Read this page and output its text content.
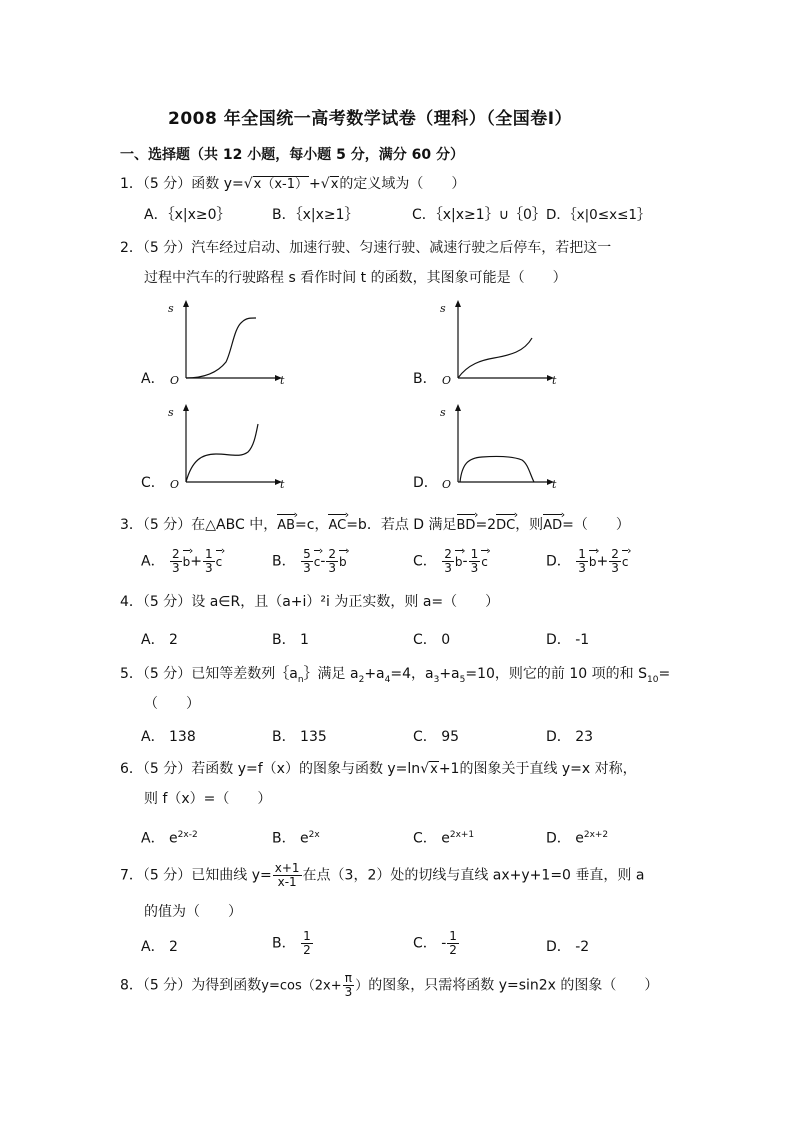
2008 年全国统一高考数学试卷（理科）（全国卷Ⅰ）
一、选择题（共 12 小题，每小题 5 分，满分 60 分）
1．（5 分）函数 y=√x（x-1）+√x的定义域为（　　）
A．｛x|x≥0｝	B．｛x|x≥1｝	C．｛x|x≥1｝∪｛0｝ D．｛x|0≤x≤1｝
2．（5 分）汽车经过启动、加速行驶、匀速行驶、减速行驶之后停车，若把这一
过程中汽车的行驶路程 s 看作时间 t 的函数，其图象可能是（　　）
A．
s
O	t	B．
s
O	t
C．
s
O	t	D．
s
O	t
3．（5 分）在△ABC 中，AB ›=c，AC ›=b．若点 D 满足BD ›=2DC ›，则AD ›=（　　）
A． $\frac{2}{3}$ b ›+ $\frac{1}{3}$ c ›	B． $\frac{5}{3}$ c ›- $\frac{2}{3}$ b ›	C． $\frac{2}{3}$ b ›- $\frac{1}{3}$ c ›	D． $\frac{1}{3}$ b ›+ $\frac{2}{3}$ c ›
4．（5 分）设 a∈R，且（a+i）²i 为正实数，则 a=（　　）
A． 2	B． 1	C． 0	D． -1
5．（5 分）已知等差数列$\{a_n\}$满足 $a_2+a_4=4$，$a_3+a_5=10$，则它的前 10 项的和 $S_{10}=$
（　　）
A． 138	B． 135	C． 95	D． 23
6．（5 分）若函数 y=f（x）的图象与函数 y=ln√x+1的图象关于直线 y=x 对称，
则 f（x）=（　　）
A． $e^{2x-2}$	B． $e^{2x}$	C． $e^{2x+1}$	D． $e^{2x+2}$
7．（5 分）已知曲线 $y= \frac{x+1}{x-1}$ 在点（3，2）处的切线与直线 ax+y+1=0 垂直，则 a
的值为（　　）
A． 2	B． $\frac{1}{2}$	C． - $\frac{1}{2}$	D． -2
8．（5 分）为得到函数$y=\cos(2x+ \frac{\pi}{3}$ ）的图象，只需将函数 y=sin2x 的图象（　　）
